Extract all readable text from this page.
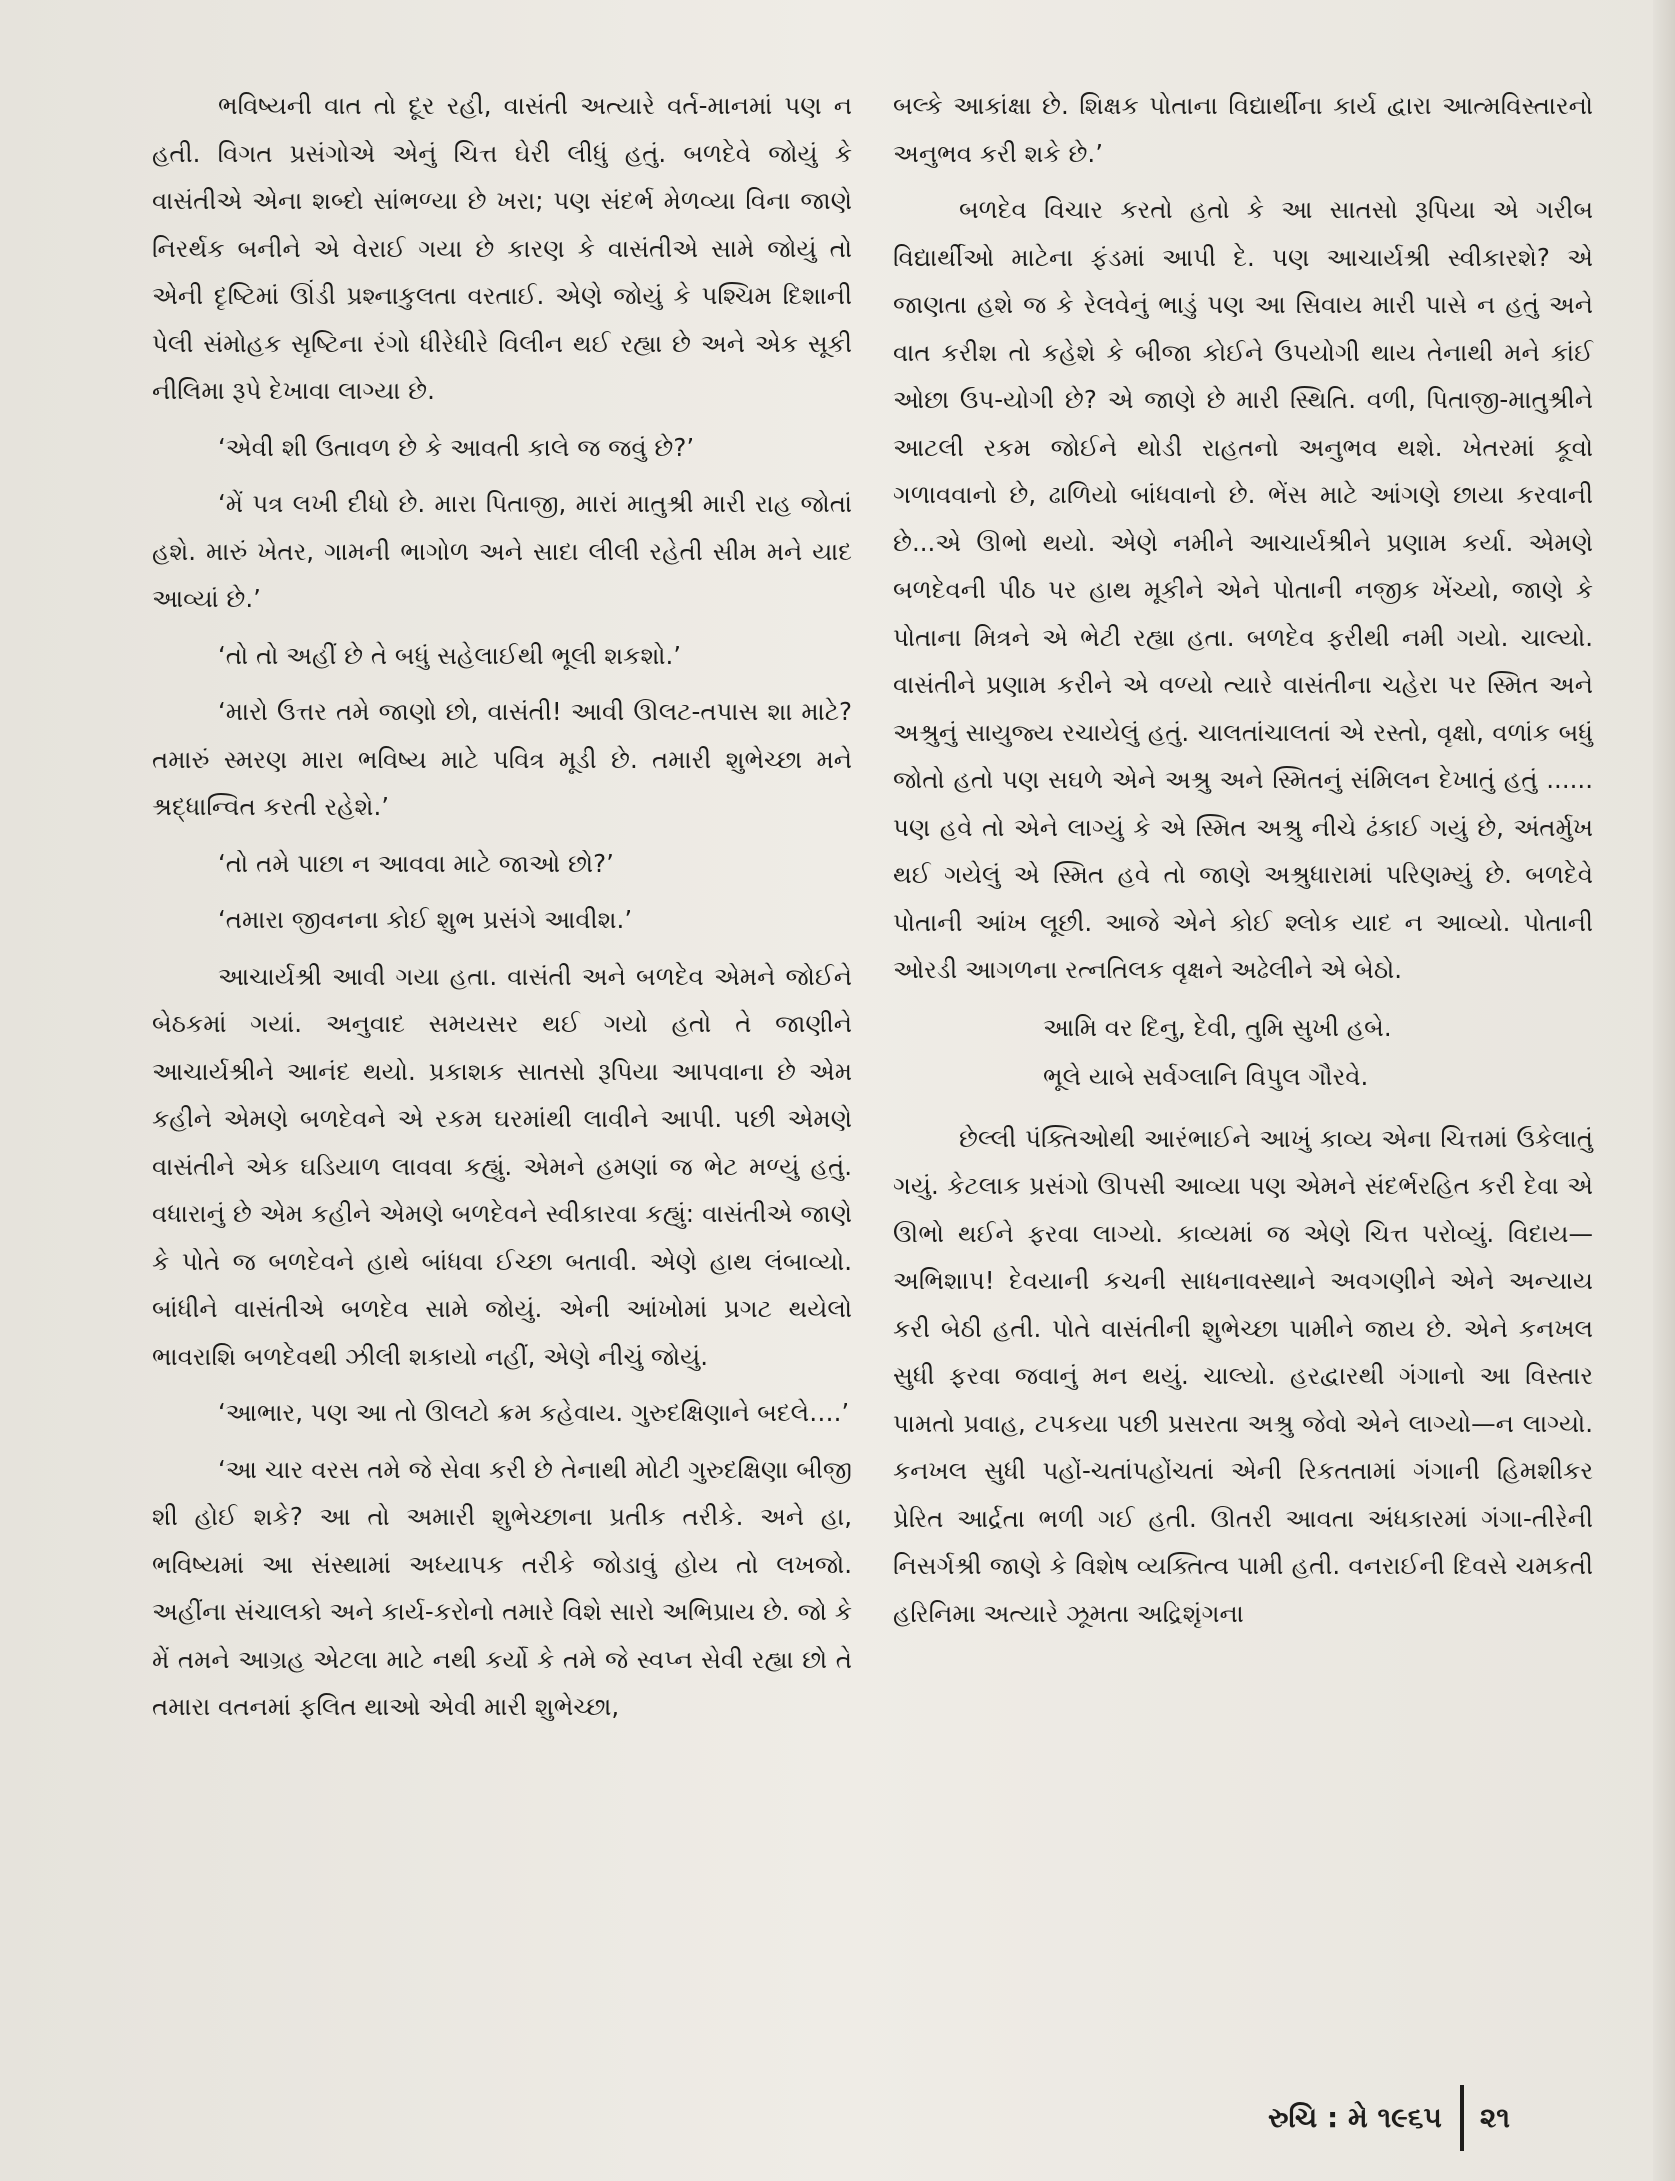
ભવિષ્યની વાત તો દૂર રહી, વાસંતી અત્યારે વર્ત-માનમાં પણ ન હતી. વિગત પ્રસંગોએ એનું ચિત્ત ઘેરી લીધું હતું. બળદેવે જોયું કે વાસંતીએ એના શબ્દો સાંભળ્યા છે ખરા; પણ સંદર્ભ મેળવ્યા વિના જાણે નિરર્થક બનીને એ વેરાઈ ગયા છે કારણ કે વાસંતીએ સામે જોયું તો એની દૃષ્ટિમાં ઊંડી પ્રશ્નાકુલતા વરતાઈ. એણે જોયું કે પશ્ચિમ દિશાની પેલી સંમોહક સૃષ્ટિના રંગો ધીરેધીરે વિલીન થઈ રહ્યા છે અને એક સૂકી નીલિમા રૂપે દેખાવા લાગ્યા છે.

‘એવી શી ઉતાવળ છે કે આવતી કાલે જ જવું છે?’

‘મેં પત્ર લખી દીધો છે. મારા પિતાજી, મારાં માતુશ્રી મારી રાહ જોતાં હશે. મારું ખેતર, ગામની ભાગોળ અને સાદા લીલી રહેતી સીમ મને યાદ આવ્યાં છે.’

‘તો તો અહીં છે તે બધું સહેલાઈથી ભૂલી શકશો.’

‘મારો ઉત્તર તમે જાણો છો, વાસંતી! આવી ઊલટ-તપાસ શા માટે? તમારું સ્મરણ મારા ભવિષ્ય માટે પવિત્ર મૂડી છે. તમારી શુભેચ્છા મને શ્રદ્ધાન્વિત કરતી રહેશે.’

‘તો તમે પાછા ન આવવા માટે જાઓ છો?’

‘તમારા જીવનના કોઈ શુભ પ્રસંગે આવીશ.’

આચાર્યશ્રી આવી ગયા હતા. વાસંતી અને બળદેવ એમને જોઈને બેઠકમાં ગયાં. અનુવાદ સમયસર થઈ ગયો હતો તે જાણીને આચાર્યશ્રીને આનંદ થયો. પ્રકાશક સાતસો રૂપિયા આપવાના છે એમ કહીને એમણે બળદેવને એ રકમ ઘરમાંથી લાવીને આપી. પછી એમણે વાસંતીને એક ઘડિયાળ લાવવા કહ્યું. એમને હમણાં જ ભેટ મળ્યું હતું. વધારાનું છે એમ કહીને એમણે બળદેવને સ્વીકારવા કહ્યું: વાસંતીએ જાણે કે પોતે જ બળદેવને હાથે બાંધવા ઈચ્છા બતાવી. એણે હાથ લંબાવ્યો. બાંધીને વાસંતીએ બળદેવ સામે જોયું. એની આંખોમાં પ્રગટ થયેલો ભાવરાશિ બળદેવથી ઝીલી શકાયો નહીં, એણે નીચું જોયું.

‘આભાર, પણ આ તો ઊલટો ક્રમ કહેવાય. ગુરુદક્ષિણાને બદલે….’

‘આ ચાર વરસ તમે જે સેવા કરી છે તેનાથી મોટી ગુરુદક્ષિણા બીજી શી હોઈ શકે? આ તો અમારી શુભેચ્છાના પ્રતીક તરીકે. અને હા, ભવિષ્યમાં આ સંસ્થામાં અધ્યાપક તરીકે જોડાવું હોય તો લખજો. અહીંના સંચાલકો અને કાર્ય-કરોનો તમારે વિશે સારો અભિપ્રાય છે. જો કે મેં તમને આગ્રહ એટલા માટે નથી કર્યો કે તમે જે સ્વપ્ન સેવી રહ્યા છો તે તમારા વતનમાં ફલિત થાઓ એવી મારી શુભેચ્છા,

બલ્કે આકાંક્ષા છે. શિક્ષક પોતાના વિદ્યાર્થીના કાર્ય દ્વારા આત્મવિસ્તારનો અનુભવ કરી શકે છે.’

બળદેવ વિચાર કરતો હતો કે આ સાતસો રૂપિયા એ ગરીબ વિદ્યાર્થીઓ માટેના ફંડમાં આપી દે. પણ આચાર્યશ્રી સ્વીકારશે? એ જાણતા હશે જ કે રેલવેનું ભાડું પણ આ સિવાય મારી પાસે ન હતું અને વાત કરીશ તો કહેશે કે બીજા કોઈને ઉપયોગી થાય તેનાથી મને કાંઈ ઓછા ઉપ-યોગી છે? એ જાણે છે મારી સ્થિતિ. વળી, પિતાજી-માતુશ્રીને આટલી રકમ જોઈને થોડી રાહતનો અનુભવ થશે. ખેતરમાં કૂવો ગળાવવાનો છે, ઢાળિયો બાંધવાનો છે. ભેંસ માટે આંગણે છાયા કરવાની છે...એ ઊભો થયો. એણે નમીને આચાર્યશ્રીને પ્રણામ કર્યા. એમણે બળદેવની પીઠ પર હાથ મૂકીને એને પોતાની નજીક ખેંચ્યો, જાણે કે પોતાના મિત્રને એ ભેટી રહ્યા હતા. બળદેવ ફરીથી નમી ગયો. ચાલ્યો. વાસંતીને પ્રણામ કરીને એ વળ્યો ત્યારે વાસંતીના ચહેરા પર સ્મિત અને અશ્રુનું સાયુજ્ય રચાયેલું હતું. ચાલતાંચાલતાં એ રસ્તો, વૃક્ષો, વળાંક બધું જોતો હતો પણ સઘળે એને અશ્રુ અને સ્મિતનું સંમિલન દેખાતું હતું ...... પણ હવે તો એને લાગ્યું કે એ સ્મિત અશ્રુ નીચે ઢંકાઈ ગયું છે, અંતર્મુખ થઈ ગયેલું એ સ્મિત હવે તો જાણે અશ્રુધારામાં પરિણમ્યું છે. બળદેવે પોતાની આંખ લૂછી. આજે એને કોઈ શ્લોક યાદ ન આવ્યો. પોતાની ઓરડી આગળના રત્નતિલક વૃક્ષને અઢેલીને એ બેઠો.

આમિ વર દિનુ, દેવી, તુમિ સુખી હબે.
ભૂલે યાબે સર્વગ્લાનિ વિપુલ ગૌરવે.

છેલ્લી પંક્તિઓથી આરંભાઈને આખું કાવ્ય એના ચિત્તમાં ઉકેલાતું ગયું. કેટલાક પ્રસંગો ઊપસી આવ્યા પણ એમને સંદર્ભરહિત કરી દેવા એ ઊભો થઈને ફરવા લાગ્યો. કાવ્યમાં જ એણે ચિત્ત પરોવ્યું. વિદાય—અભિશાપ! દેવયાની કચની સાધનાવસ્થાને અવગણીને એને અન્યાય કરી બેઠી હતી. પોતે વાસંતીની શુભેચ્છા પામીને જાય છે. એને કનખલ સુધી ફરવા જવાનું મન થયું. ચાલ્યો. હરદ્વારથી ગંગાનો આ વિસ્તાર પામતો પ્રવાહ, ટપકયા પછી પ્રસરતા અશ્રુ જેવો એને લાગ્યો—ન લાગ્યો. કનખલ સુધી પહોં-ચતાંપહોંચતાં એની રિકતતામાં ગંગાની હિમશીકર પ્રેરિત આર્દ્રતા ભળી ગઈ હતી. ઊતરી આવતા અંધકારમાં ગંગા-તીરેની નિસર્ગશ્રી જાણે કે વિશેષ વ્યક્તિત્વ પામી હતી. વનરાઈની દિવસે ચમકતી હરિનિમા અત્યારે ઝૂમતા અદ્રિશૃંગના

રુચિ : મે ૧૯૬૫ ૨૧
